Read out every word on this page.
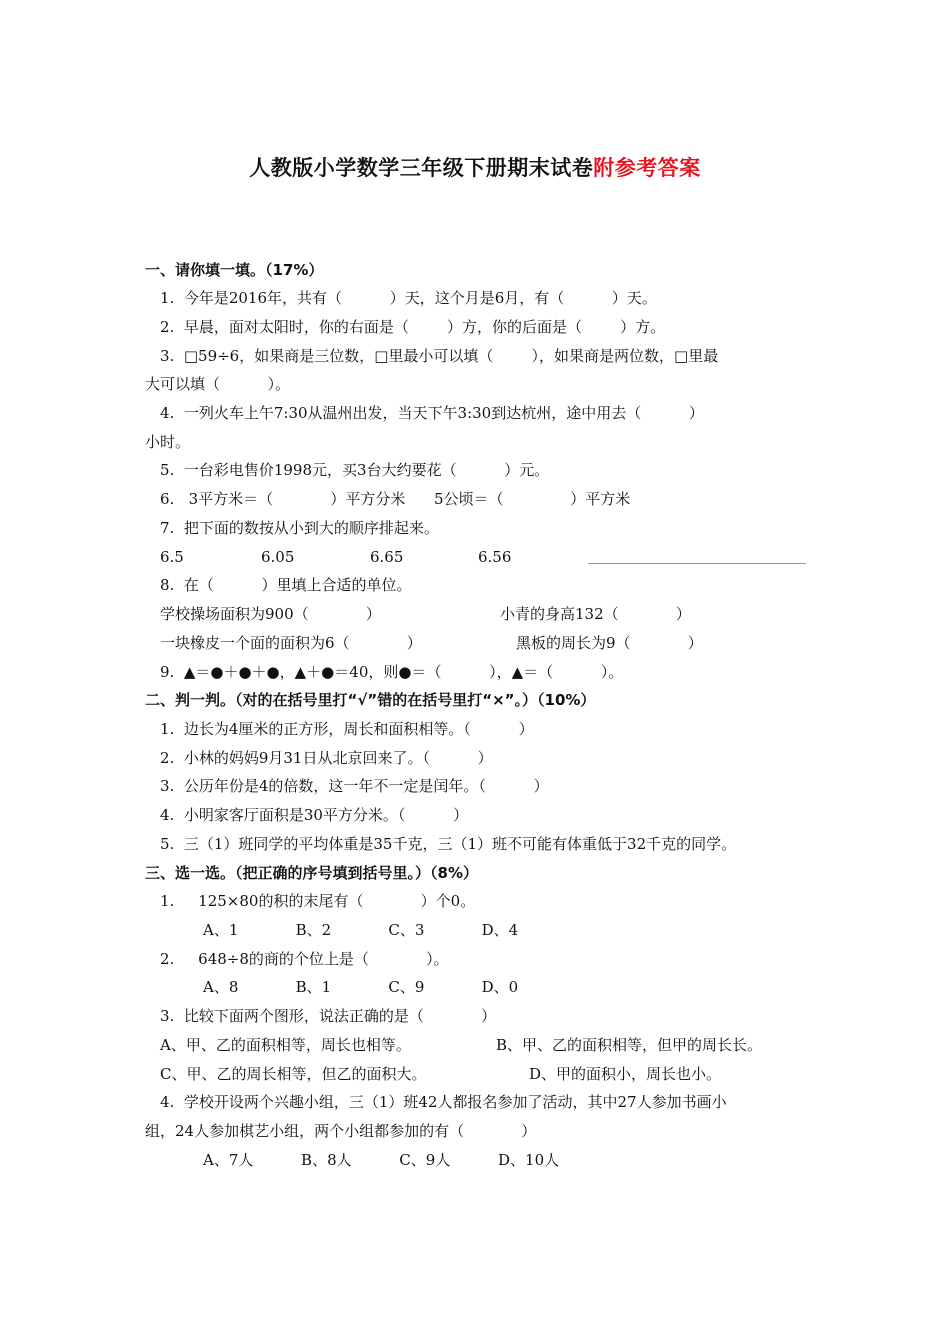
人教版小学数学三年级下册期末试卷附参考答案
一、请你填一填。（17%）
1.  今年是2016年，共有（          ）天，这个月是6月，有（          ）天。
2.  早晨，面对太阳时，你的右面是（        ）方，你的后面是（        ）方。
3.  □59÷6，如果商是三位数，□里最小可以填（        ），如果商是两位数，□里最
大可以填（          ）。
4.  一列火车上午7:30从温州出发，当天下午3:30到达杭州，途中用去（          ）
小时。
5.  一台彩电售价1998元，买3台大约要花（          ）元。
6.   3平方米＝（            ）平方分米      5公顷＝（              ）平方米
7.  把下面的数按从小到大的顺序排起来。
6.5	6.05	6.65	6.56
8.  在（          ）里填上合适的单位。
学校操场面积为900（            ）	小青的身高132（            ）
一块橡皮一个面的面积为6（            ）	黑板的周长为9（            ）
9.  ▲＝●＋●＋●，▲＋●＝40，则●＝（          ），▲＝（          ）。
二、判一判。（对的在括号里打“√”错的在括号里打“×”。）（10%）
1.  边长为4厘米的正方形，周长和面积相等。（          ）
2.  小林的妈妈9月31日从北京回来了。（          ）
3.  公历年份是4的倍数，这一年不一定是闰年。（          ）
4.  小明家客厅面积是30平方分米。（          ）
5.  三（1）班同学的平均体重是35千克，三（1）班不可能有体重低于32千克的同学。
三、选一选。（把正确的序号填到括号里。）（8%）
1.     125×80的积的末尾有（            ）个0。
A、1            B、2            C、3            D、4
2.     648÷8的商的个位上是（            ）。
A、8            B、1            C、9            D、0
3.  比较下面两个图形，说法正确的是（            ）
A、甲、乙的面积相等，周长也相等。	B、甲、乙的面积相等，但甲的周长长。
C、甲、乙的周长相等，但乙的面积大。	D、甲的面积小，周长也小。
4.  学校开设两个兴趣小组，三（1）班42人都报名参加了活动，其中27人参加书画小
组，24人参加棋艺小组，两个小组都参加的有（            ）
A、7人          B、8人          C、9人          D、10人
